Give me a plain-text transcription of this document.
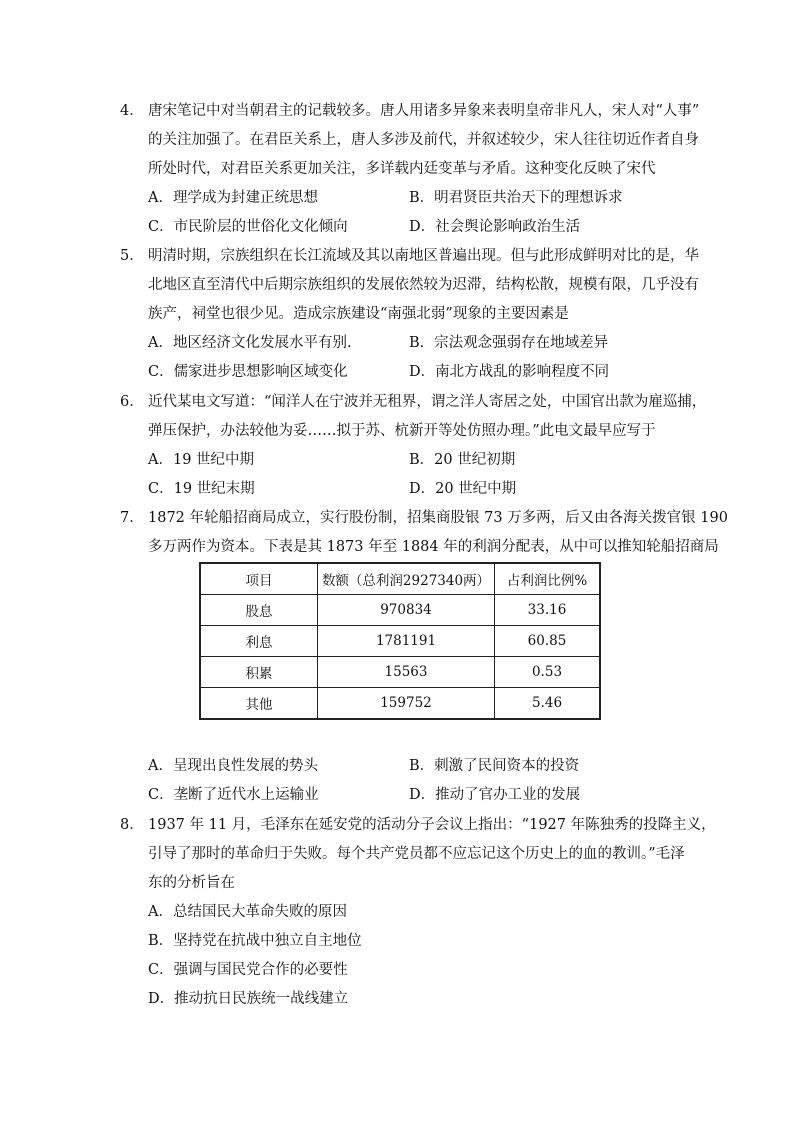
4． 唐宋笔记中对当朝君主的记载较多。唐人用诸多异象来表明皇帝非凡人，宋人对“人事”
的关注加强了。在君臣关系上，唐人多涉及前代，并叙述较少，宋人往往切近作者自身
所处时代，对君臣关系更加关注，多详载内廷变革与矛盾。这种变化反映了宋代
A．理学成为封建正统思想	B．明君贤臣共治天下的理想诉求
C．市民阶层的世俗化文化倾向	D．社会舆论影响政治生活
5． 明清时期，宗族组织在长江流域及其以南地区普遍出现。但与此形成鲜明对比的是，华
北地区直至清代中后期宗族组织的发展依然较为迟滞，结构松散，规模有限，几乎没有
族产，祠堂也很少见。造成宗族建设“南强北弱”现象的主要因素是
A．地区经济文化发展水平有别.	B．宗法观念强弱存在地域差异
C．儒家进步思想影响区域变化	D．南北方战乱的影响程度不同
6． 近代某电文写道：“闻洋人在宁波并无租界，谓之洋人寄居之处，中国官出款为雇巡捕，
弹压保护，办法较他为妥……拟于苏、杭新开等处仿照办理。”此电文最早应写于
A．19 世纪中期	B．20 世纪初期
C．19 世纪末期	D．20 世纪中期
7． 1872 年轮船招商局成立，实行股份制，招集商股银 73 万多两，后又由各海关拨官银 190
多万两作为资本。下表是其 1873 年至 1884 年的利润分配表，从中可以推知轮船招商局
项目	数额（总利润2927340两）	占利润比例%
股息	970834	33.16
利息	1781191	60.85
积累	15563	0.53
其他	159752	5.46
A．呈现出良性发展的势头	B．刺激了民间资本的投资
C．垄断了近代水上运输业	D．推动了官办工业的发展
8． 1937 年 11 月，毛泽东在延安党的活动分子会议上指出：“1927 年陈独秀的投降主义，
引导了那时的革命归于失败。每个共产党员都不应忘记这个历史上的血的教训。”毛泽
东的分析旨在
A．总结国民大革命失败的原因
B．坚持党在抗战中独立自主地位
C．强调与国民党合作的必要性
D．推动抗日民族统一战线建立
